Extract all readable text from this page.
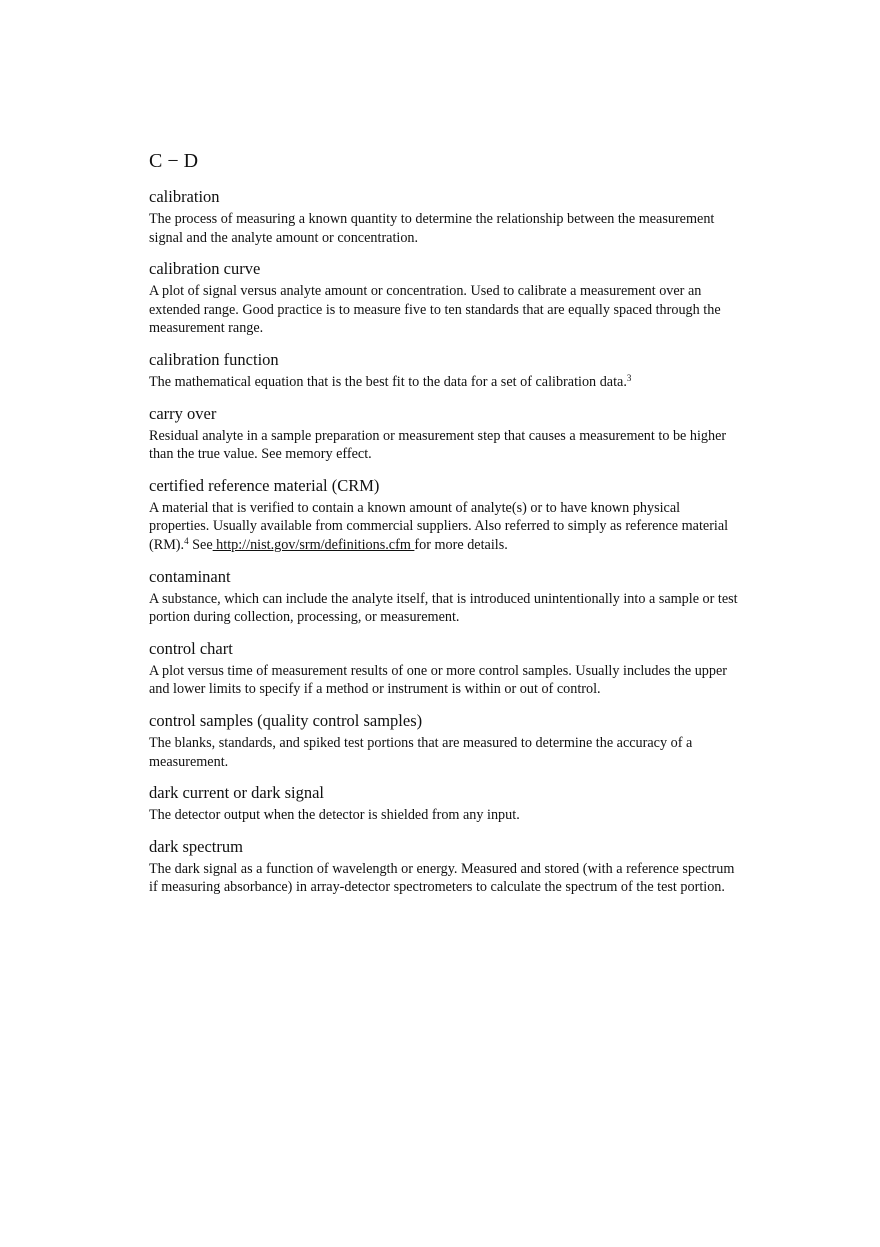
C − D
calibration

The process of measuring a known quantity to determine the relationship between the measurement signal and the analyte amount or concentration.

calibration curve

A plot of signal versus analyte amount or concentration. Used to calibrate a measurement over an extended range. Good practice is to measure five to ten standards that are equally spaced through the measurement range.

calibration function

The mathematical equation that is the best fit to the data for a set of calibration data.$^3$

carry over

Residual analyte in a sample preparation or measurement step that causes a measurement to be higher than the true value. See memory effect.

certified reference material (CRM)

A material that is verified to contain a known amount of analyte(s) or to have known physical properties. Usually available from commercial suppliers. Also referred to simply as reference material (RM).$^4$ See http://nist.gov/srm/definitions.cfm for more details.

contaminant

A substance, which can include the analyte itself, that is introduced unintentionally into a sample or test portion during collection, processing, or measurement.

control chart

A plot versus time of measurement results of one or more control samples. Usually includes the upper and lower limits to specify if a method or instrument is within or out of control.

control samples (quality control samples)

The blanks, standards, and spiked test portions that are measured to determine the accuracy of a measurement.

dark current or dark signal

The detector output when the detector is shielded from any input.

dark spectrum

The dark signal as a function of wavelength or energy. Measured and stored (with a reference spectrum if measuring absorbance) in array-detector spectrometers to calculate the spectrum of the test portion.
